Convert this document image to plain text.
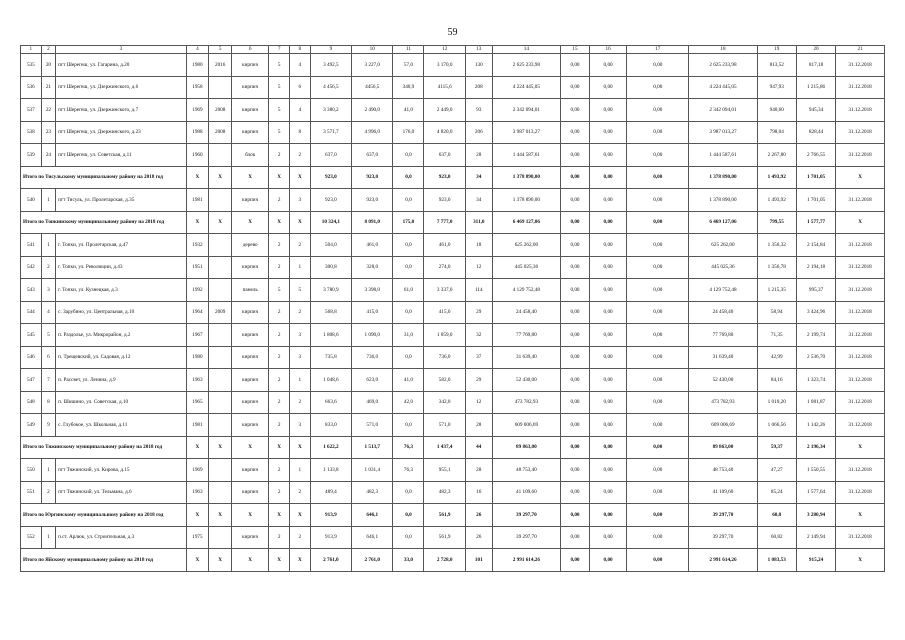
59
1	2	3	4	5	6	7	8	9	10	11	12	13	14	15	16	17	18	19	20	21
535	20	пгт Шерегеш, ул. Гагарина, д.20	1980	2016	кирпич	5	4	3 492,5	3 227,0	57,0	3 170,0	130	2 625 233,98	0,00	0,00	0,00	2 625 233,98	813,52	817,18	31.12.2018
536	21	пгт Шерегеш, ул. Дзержинского, д.6	1958		кирпич	5	6	4 456,5	4456,5	340,9	4115,6	208	4 224 445,05	0,00	0,00	0,00	4 224 445,05	947,93	1 215,86	31.12.2018
537	22	пгт Шерегеш, ул. Дзержинского, д.7	1969	2008	кирпич	5	4	3 380,2	2 490,0	41,0	2 449,0	93	2 342 094,01	0,00	0,00	0,00	2 342 094,01	940,60	945,34	31.12.2018
538	23	пгт Шерегеш, ул. Дзержинского, д.23	1988	2008	кирпич	5	8	3 571,7	4 996,0	176,0	4 820,0	206	3 987 013,27	0,00	0,00	0,00	3 987 013,27	798,04	828,44	31.12.2018
539	24	пгт Шерегеш, ул. Советская, д.11	1960		блок	2	2	637,0	637,0	0,0	637,0	28	1 444 587,61	0,00	0,00	0,00	1 444 587,61	2 267,80	2 766,55	31.12.2018
Итого по Тисульскому муниципальному району на 2018 год			X	X	X	X	X	923,0	923,0	0,0	923,0	34	1 378 890,00	0,00	0,00	0,00	1 378 890,00	1 493,92	1 701,05	X
540	1	пгт Тисуль, ул. Пролетарская, д.35	1981		кирпич	2	3	923,0	923,0	0,0	923,0	34	1 378 890,00	0,00	0,00	0,00	1 378 890,00	1 493,92	1 701,05	31.12.2018
Итого по Топкинскому муниципальному району на 2018 год			X	X	X	X	X	10 324,1	8 091,0	175,0	7 777,0	311,0	6 469 127,06	0,00	0,00	0,00	6 469 127,06	799,55	1 577,77	X
541	1	г. Топки, ул. Пролетарская, д.47	1932		дерево	2	2	504,0	461,0	0,0	461,0	18	625 262,00	0,00	0,00	0,00	625 262,00	1 356,32	2 154,84	31.12.2018
542	2	г. Топки, ул. Революции, д.43	1951		кирпич	2	1	300,8	328,0	0,0	274,0	12	445 025,36	0,00	0,00	0,00	445 025,36	1 356,78	2 194,18	31.12.2018
543	3	г. Топки, ул. Кузнецкая, д.3	1992		панель	5	5	3 780,9	3 398,0	61,0	3 337,0	114	4 129 752,48	0,00	0,00	0,00	4 129 752,48	1 215,35	995,37	31.12.2018
544	4	с. Зарубино, ул. Центральная, д.10	1964	2009	кирпич	2	2	568,8	415,0	0,0	415,0	29	24 458,40	0,00	0,00	0,00	24 458,40	58,94	3 424,96	31.12.2018
545	5	п. Раздолье, ул. Микрорайон, д.2	1967		кирпич	2	3	1 808,6	1 090,0	31,0	1 059,0	32	77 769,80	0,00	0,00	0,00	77 769,80	71,35	2 199,74	31.12.2018
546	6	п. Трещевский, ул. Садовая, д.12	1980		кирпич	2	3	735,8	736,0	0,0	736,0	37	31 639,40	0,00	0,00	0,00	31 639,40	42,99	2 536,70	31.12.2018
547	7	п. Рассвет, ул. Ленина, д.9	1963		кирпич	2	1	1 048,6	623,0	41,0	582,0	29	52 430,00	0,00	0,00	0,00	52 430,00	84,16	1 323,74	31.12.2018
548	8	п. Шишино, ул. Советская, д.10	1965		кирпич	2	2	663,6	469,0	42,0	342,0	12	473 782,93	0,00	0,00	0,00	473 782,93	1 010,20	1 081,87	31.12.2018
549	9	с. Глубокое, ул. Школьная, д.11	1981		кирпич	2	3	833,0	571,0	0,0	571,0	28	609 006,69	0,00	0,00	0,00	609 006,69	1 066,56	1 142,26	31.12.2018
Итого по Тяжинскому муниципальному району на 2018 год			X	X	X	X	X	1 622,2	1 513,7	76,3	1 437,4	44	89 863,00	0,00	0,00	0,00	89 863,00	59,37	2 196,34	X
550	1	пгт Тяжинский, ул. Кирова, д.15	1969		кирпич	2	1	1 133,8	1 031,4	76,3	955,1	28	48 753,40	0,00	0,00	0,00	48 753,40	47,27	1 550,55	31.12.2018
551	2	пгт Тяжинский, ул. Тельмана, д.6	1963		кирпич	2	2	489,4	482,3	0,0	482,3	16	41 109,60	0,00	0,00	0,00	41 109,60	85,24	1 577,64	31.12.2018
Итого по Юргинскому муниципальному району на 2018 год			X	X	X	X	X	913,9	646,1	0,0	561,9	26	39 297,70	0,00	0,00	0,00	39 297,70	60,8	3 280,94	X
552	1	п.ст. Арлюк, ул. Строительная, д.3	1975		кирпич	2	2	913,9	646,1	0,0	561,9	26	39 297,70	0,00	0,00	0,00	39 297,70	60,82	2 149,94	31.12.2018
Итого по Яйскому муниципальному району на 2018 год			X	X	X	X	X	2 761,0	2 761,0	33,0	2 728,0	101	2 991 614,26	0,00	0,00	0,00	2 991 614,26	1 083,53	915,24	X
